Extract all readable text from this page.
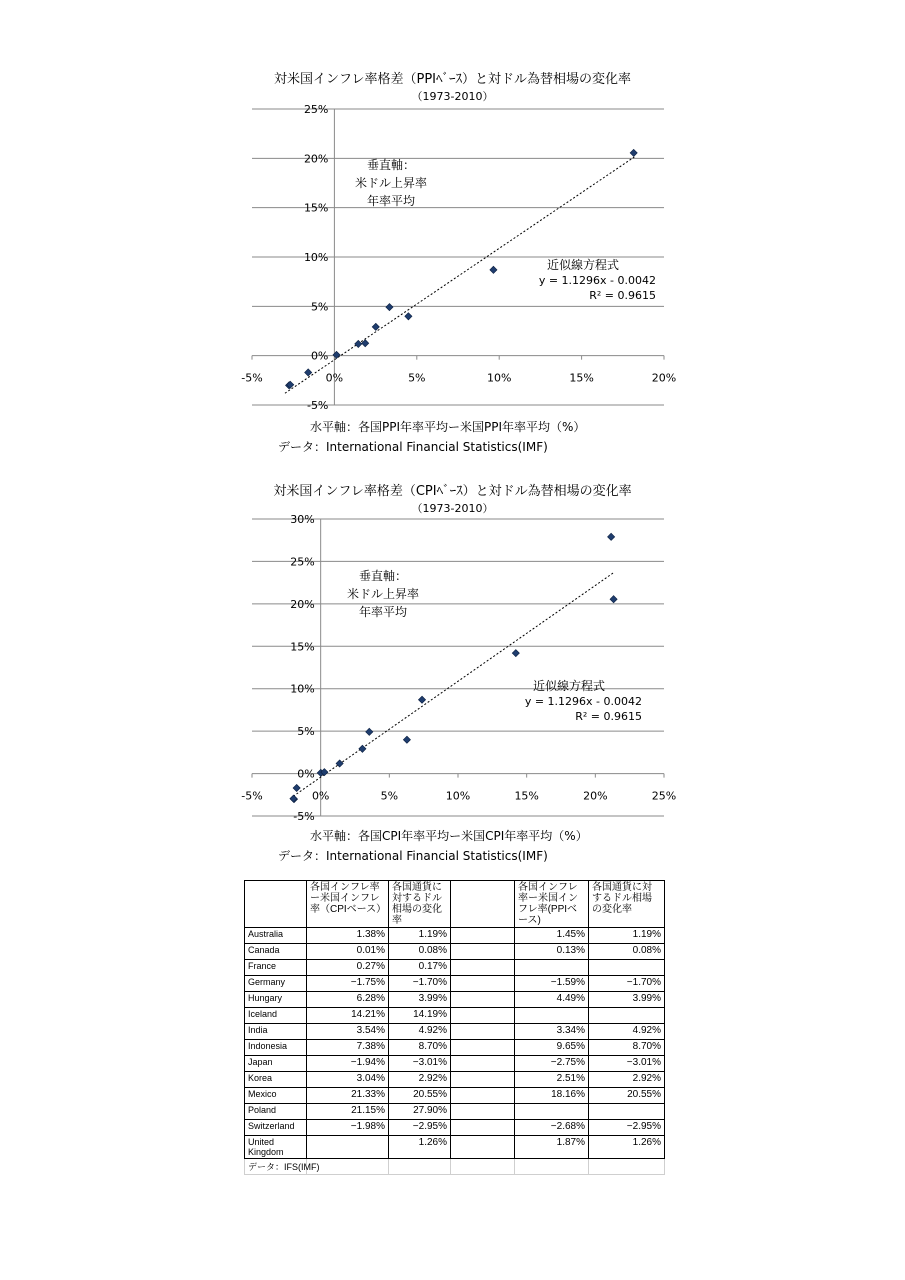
対米国インフレ率格差（PPIﾍﾞｰｽ）と対ドル為替相場の変化率
（1973-2010）
25%
20%
15%
10%
5%
0%
-5%
-5%	0%	5%	10%	15%	20%
垂直軸：
米ドル上昇率
年率平均
近似線方程式
y = 1.1296x - 0.0042
R² = 0.9615
水平軸：各国PPI年率平均ー米国PPI年率平均（%）
データ：International Financial Statistics(IMF)
対米国インフレ率格差（CPIﾍﾞｰｽ）と対ドル為替相場の変化率
（1973-2010）
30%
25%
20%
15%
10%
5%
0%
-5%
-5%	0%	5%	10%	15%	20%	25%
垂直軸：
米ドル上昇率
年率平均
近似線方程式
y = 1.1296x - 0.0042
R² = 0.9615
水平軸：各国CPI年率平均ー米国CPI年率平均（%）
データ：International Financial Statistics(IMF)
	各国インフレ率ー米国インフレ率（CPIベース）	各国通貨に対するドル相場の変化率		各国インフレ率ー米国インフレ率(PPIベース)	各国通貨に対するドル相場の変化率
Australia	1.38%	1.19%		1.45%	1.19%
Canada	0.01%	0.08%		0.13%	0.08%
France	0.27%	0.17%			
Germany	−1.75%	−1.70%		−1.59%	−1.70%
Hungary	6.28%	3.99%		4.49%	3.99%
Iceland	14.21%	14.19%			
India	3.54%	4.92%		3.34%	4.92%
Indonesia	7.38%	8.70%		9.65%	8.70%
Japan	−1.94%	−3.01%		−2.75%	−3.01%
Korea	3.04%	2.92%		2.51%	2.92%
Mexico	21.33%	20.55%		18.16%	20.55%
Poland	21.15%	27.90%			
Switzerland	−1.98%	−2.95%		−2.68%	−2.95%
United Kingdom		1.26%		1.87%	1.26%
データ：IFS(IMF)					
